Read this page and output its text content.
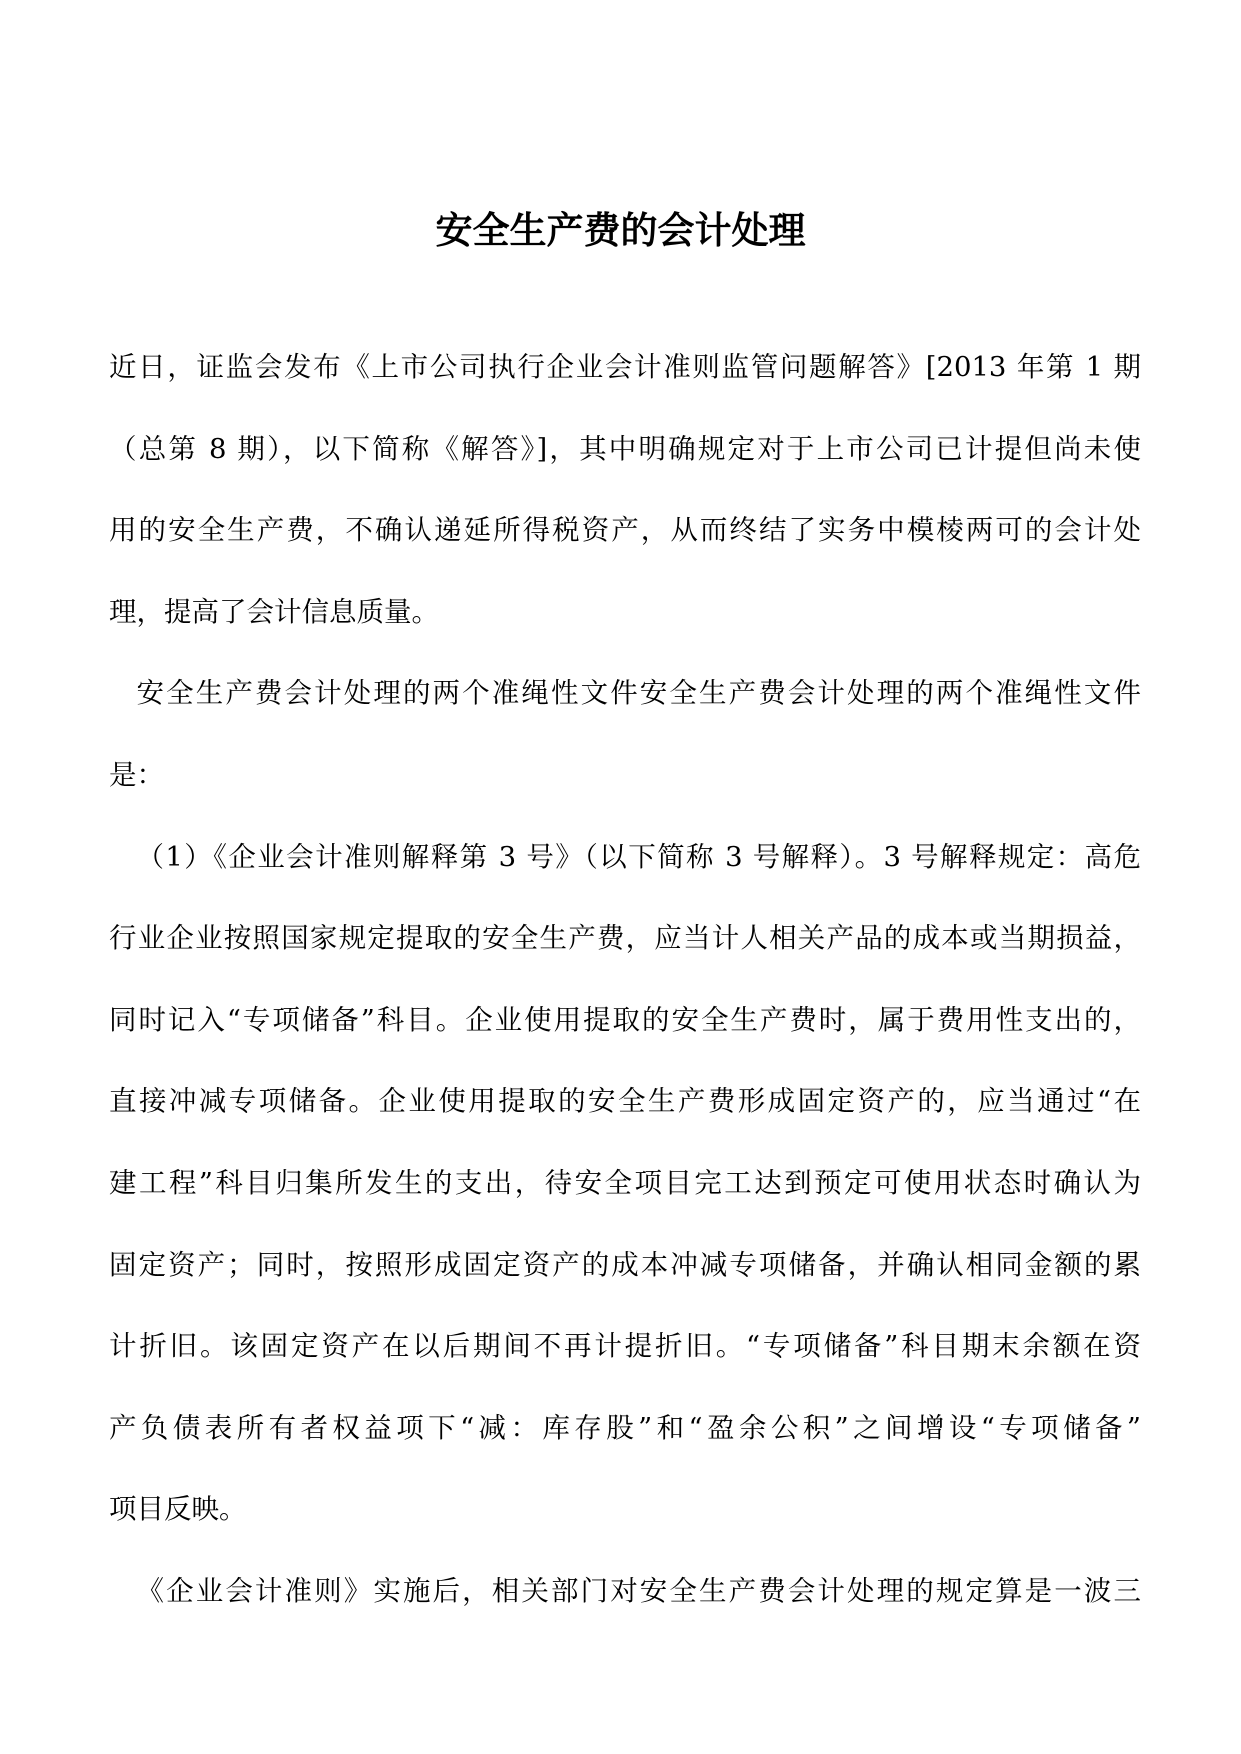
安全生产费的会计处理
近日，证监会发布《上市公司执行企业会计准则监管问题解答》[2013 年第 1 期
（总第 8 期），以下简称《解答》]，其中明确规定对于上市公司已计提但尚未使
用的安全生产费，不确认递延所得税资产，从而终结了实务中模棱两可的会计处
理，提高了会计信息质量。
安全生产费会计处理的两个准绳性文件安全生产费会计处理的两个准绳性文件
是：
（1）《企业会计准则解释第 3 号》（以下简称 3 号解释）。3 号解释规定：高危
行业企业按照国家规定提取的安全生产费，应当计人相关产品的成本或当期损益，
同时记入“专项储备”科目。企业使用提取的安全生产费时，属于费用性支出的，
直接冲减专项储备。企业使用提取的安全生产费形成固定资产的，应当通过“在
建工程”科目归集所发生的支出，待安全项目完工达到预定可使用状态时确认为
固定资产；同时，按照形成固定资产的成本冲减专项储备，并确认相同金额的累
计折旧。该固定资产在以后期间不再计提折旧。“专项储备”科目期末余额在资
产负债表所有者权益项下“减：库存股”和“盈余公积”之间增设“专项储备”
项目反映。
《企业会计准则》实施后，相关部门对安全生产费会计处理的规定算是一波三
